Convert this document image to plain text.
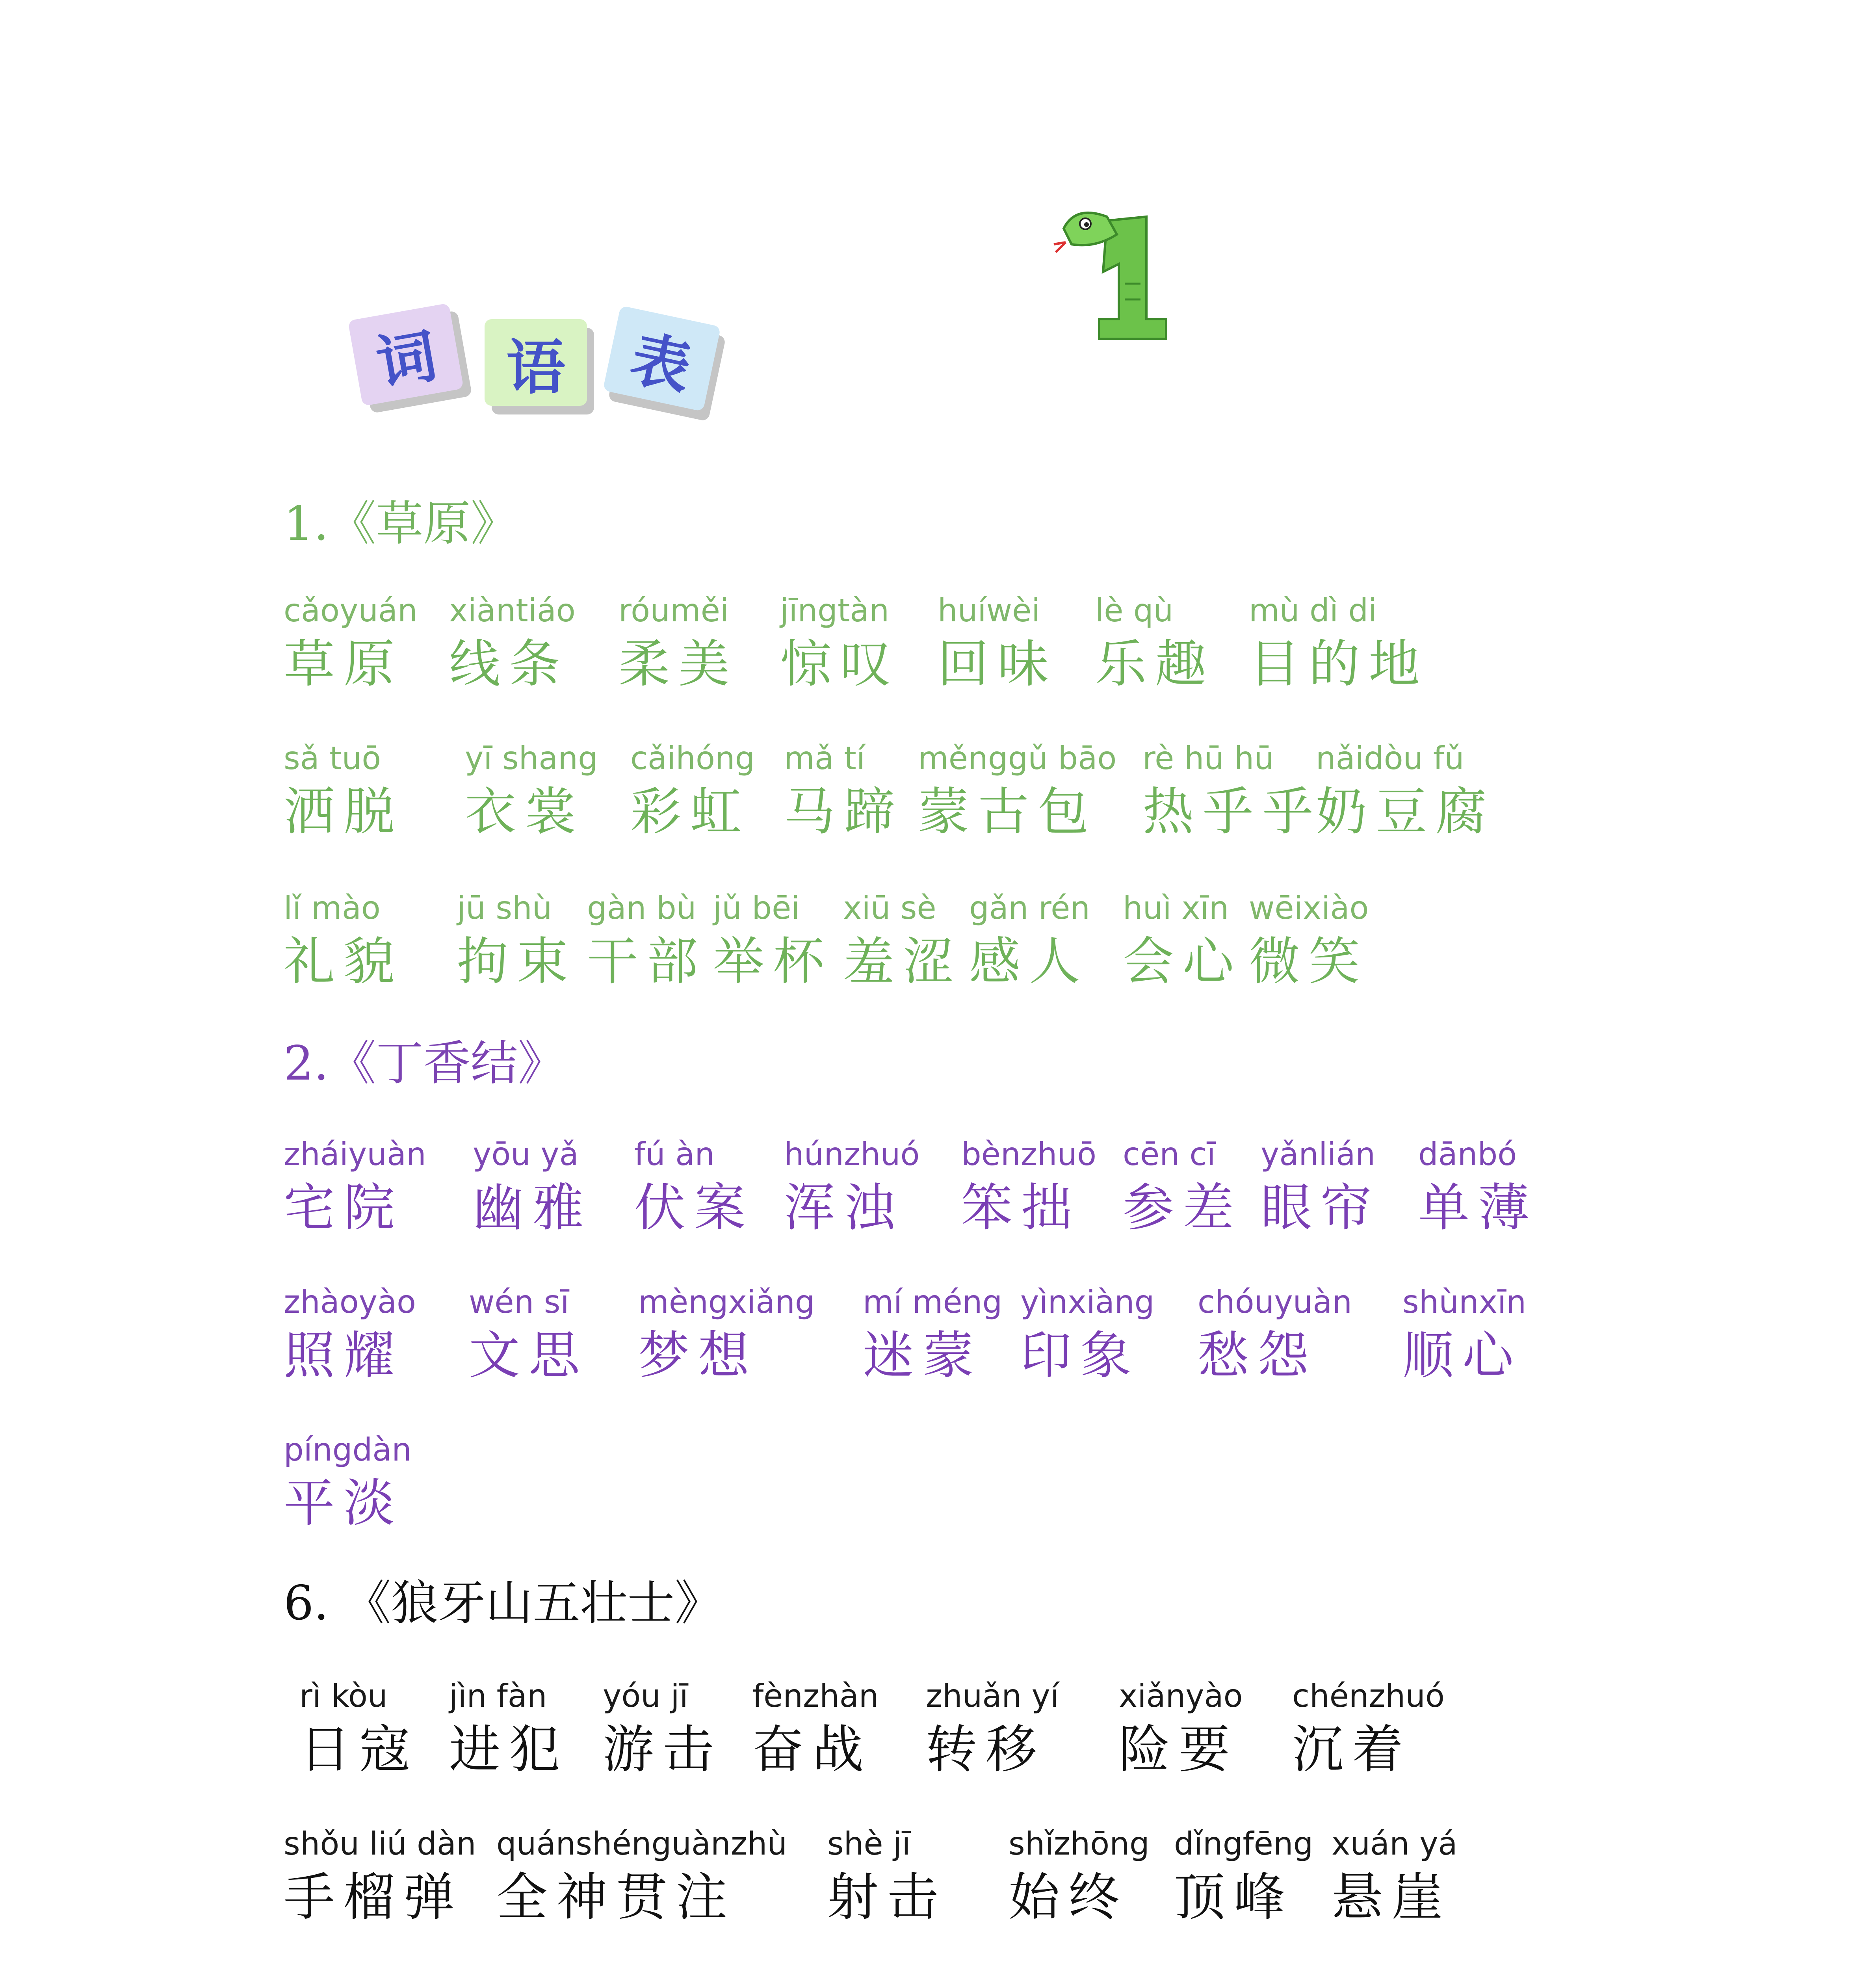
词	语	表
1
1.《草原》
cǎoyuán
草原
xiàntiáo
线条
róuměi
柔美
jīngtàn
惊叹
huíwèi
回味
lè qù
乐趣
mù dì di
目的地
sǎ tuō
洒脱
yī shang
衣裳
cǎihóng
彩虹
mǎ tí
马蹄
měnggǔ bāo
蒙古包
rè hū hū
热乎乎
nǎidòu fǔ
奶豆腐
lǐ mào
礼貌
jū shù
拘束
gàn bù
干部
jǔ bēi
举杯
xiū sè
羞涩
gǎn rén
感人
huì xīn
会心
wēixiào
微笑
2.《丁香结》
zháiyuàn
宅院
yōu yǎ
幽雅
fú àn
伏案
húnzhuó
浑浊
bènzhuō
笨拙
cēn cī
参差
yǎnlián
眼帘
dānbó
单薄
zhàoyào
照耀
wén sī
文思
mèngxiǎng
梦想
mí méng
迷蒙
yìnxiàng
印象
chóuyuàn
愁怨
shùnxīn
顺心
píngdàn
平淡
6. 《狼牙山五壮士》
rì kòu
日寇
jìn fàn
进犯
yóu jī
游击
fènzhàn
奋战
zhuǎn yí
转移
xiǎnyào
险要
chénzhuó
沉着
shǒu liú dàn
手榴弹
quánshénguànzhù
全神贯注
shè jī
射击
shǐzhōng
始终
dǐngfēng
顶峰
xuán yá
悬崖
